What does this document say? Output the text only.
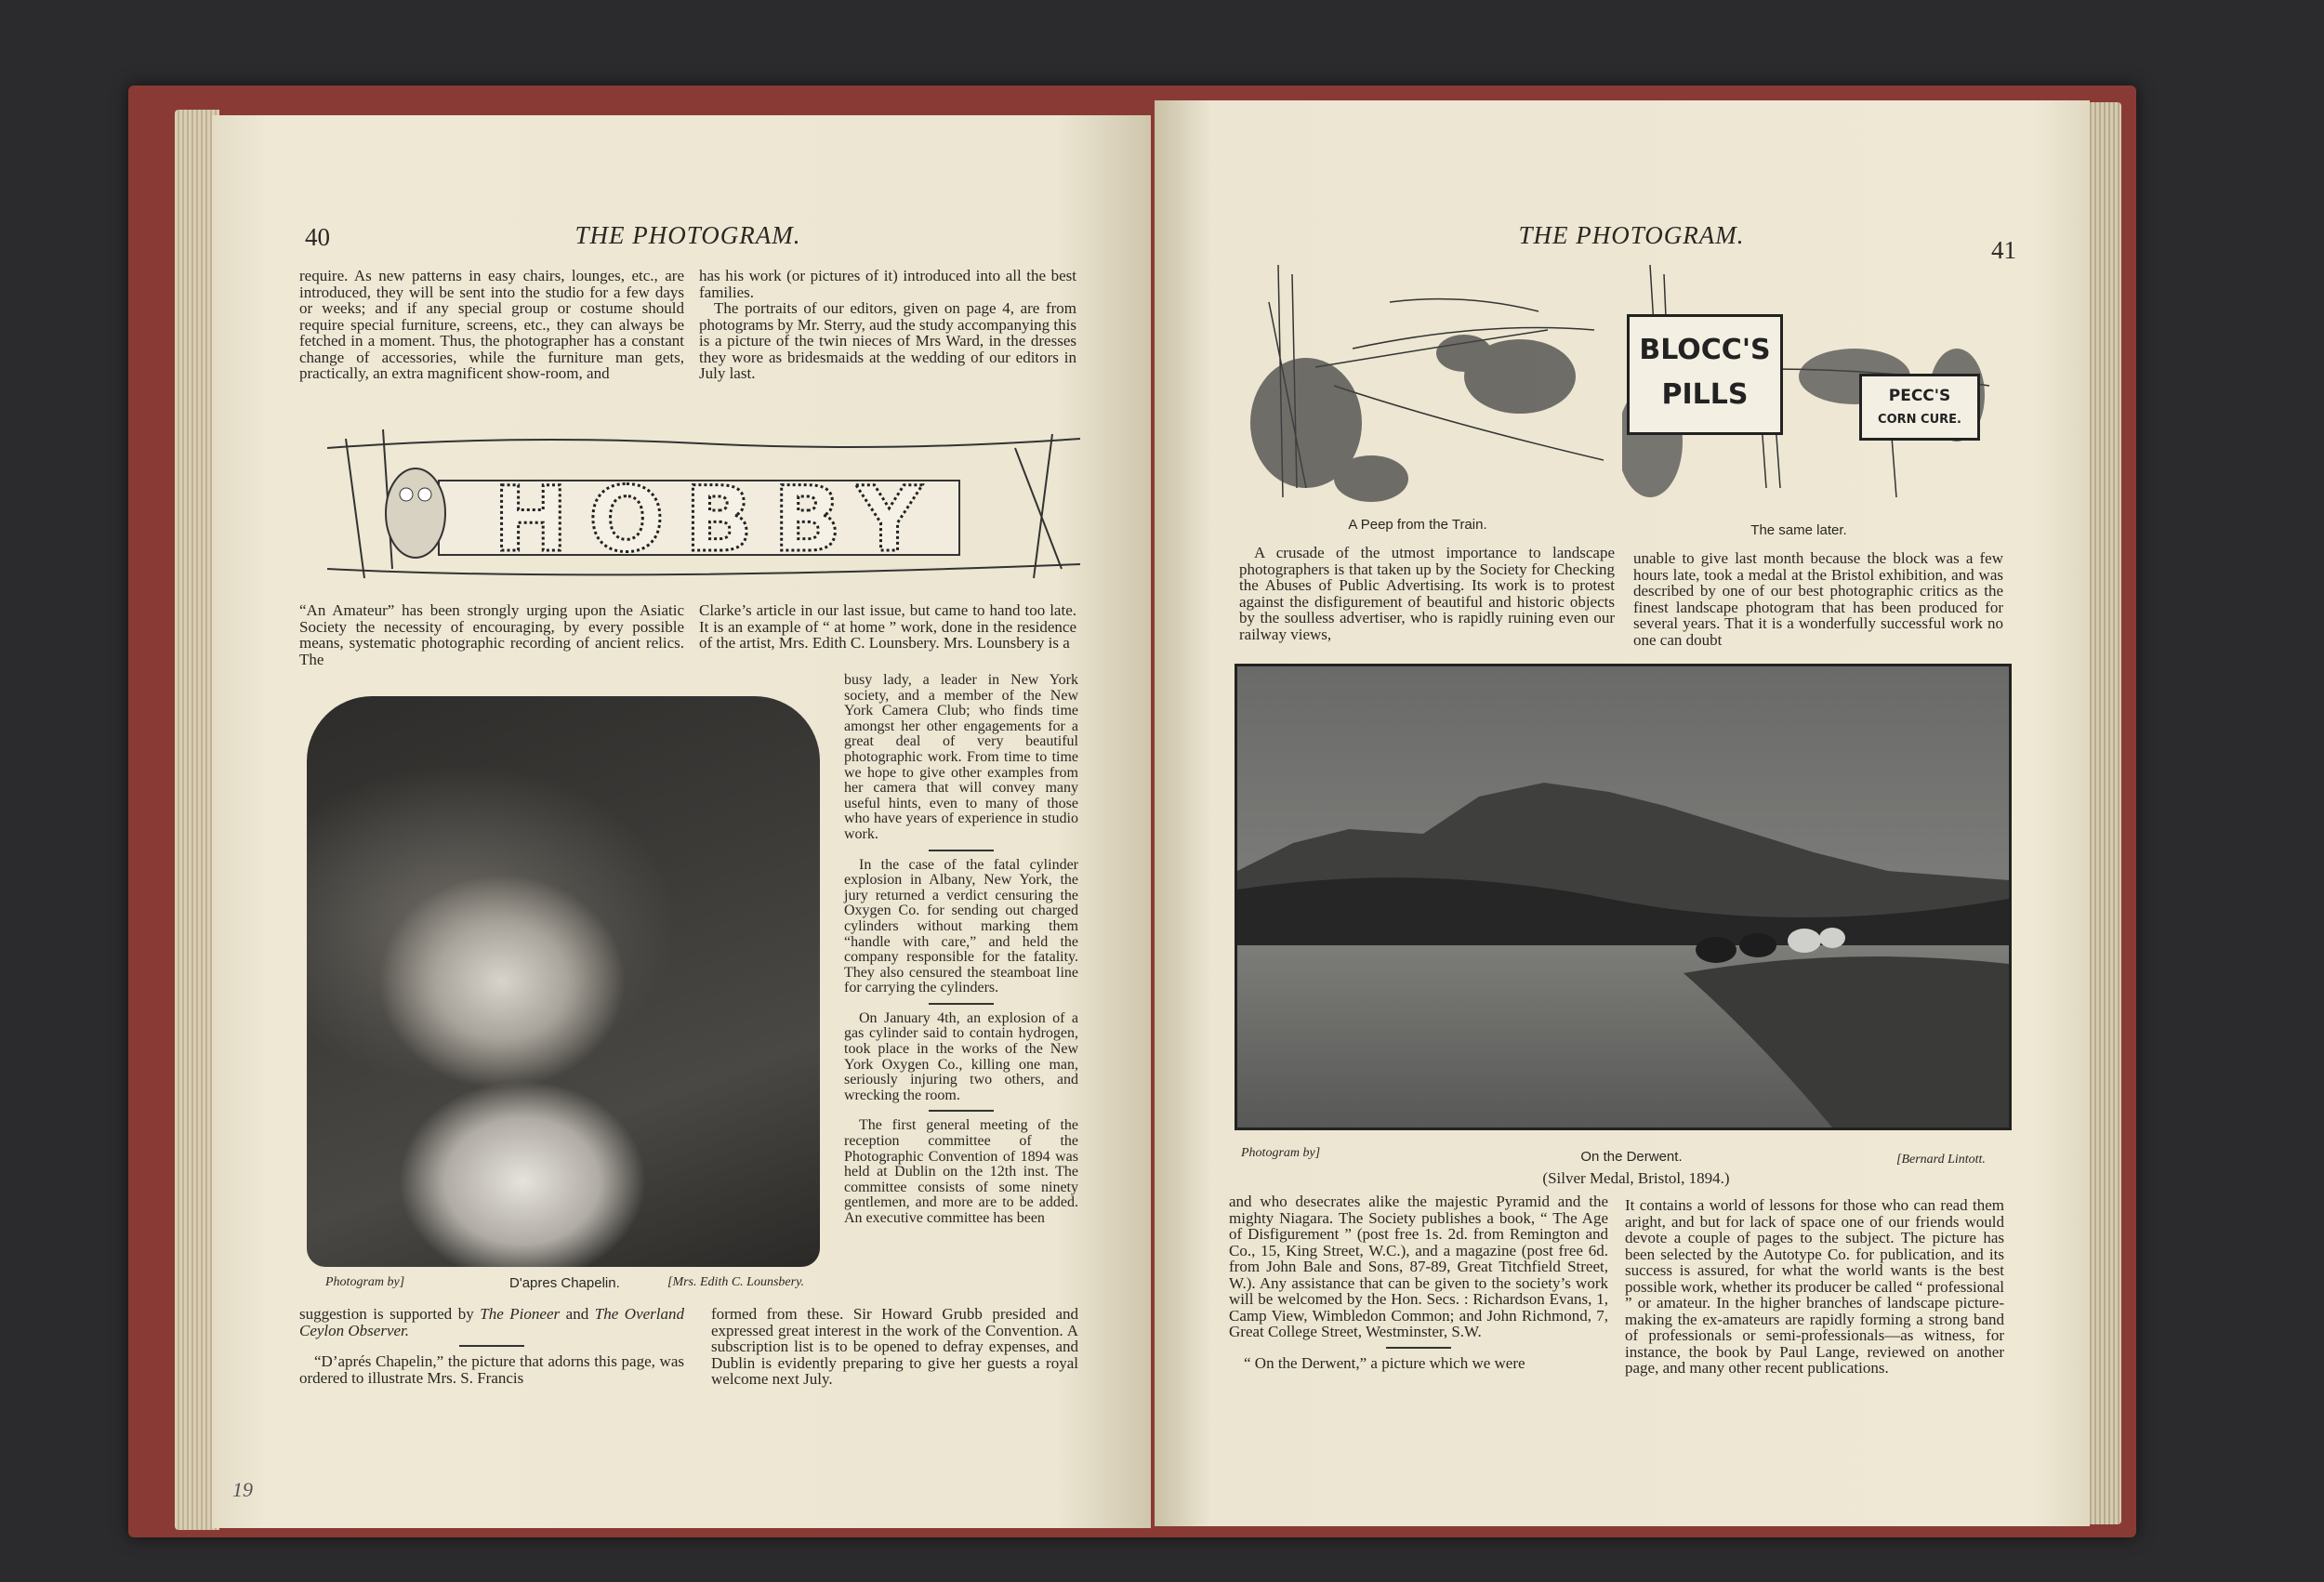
40	THE PHOTOGRAM.
require. As new patterns in easy chairs, lounges, etc., are introduced, they will be sent into the studio for a few days or weeks; and if any special group or costume should require special furniture, screens, etc., they can always be fetched in a moment. Thus, the photographer has a constant change of accessories, while the furniture man gets, practically, an extra magnificent show-room, and
has his work (or pictures of it) introduced into all the best families.

The portraits of our editors, given on page 4, are from photograms by Mr. Sterry, aud the study accompanying this is a picture of the twin nieces of Mrs Ward, in the dresses they wore as bridesmaids at the wedding of our editors in July last.

HOBBY
“An Amateur” has been strongly urging upon the Asiatic Society the necessity of encouraging, by every possible means, systematic photographic recording of ancient relics. The
Clarke’s article in our last issue, but came to hand too late. It is an example of “ at home ” work, done in the residence of the artist, Mrs. Edith C. Lounsbery. Mrs. Lounsbery is a
busy lady, a leader in New York society, and a member of the New York Camera Club; who finds time amongst her other engagements for a great deal of very beautiful photographic work. From time to time we hope to give other examples from her camera that will convey many useful hints, even to many of those who have years of experience in studio work.

In the case of the fatal cylinder explosion in Albany, New York, the jury returned a verdict censuring the Oxygen Co. for sending out charged cylinders without marking them “handle with care,” and held the company responsible for the fatality. They also censured the steamboat line for carrying the cylinders.

On January 4th, an explosion of a gas cylinder said to contain hydrogen, took place in the works of the New York Oxygen Co., killing one man, seriously injuring two others, and wrecking the room.

The first general meeting of the reception committee of the Photographic Convention of 1894 was held at Dublin on the 12th inst. The committee consists of some ninety gentlemen, and more are to be added. An executive committee has been

Photogram by]	D'apres Chapelin.	[Mrs. Edith C. Lounsbery.
suggestion is supported by The Pioneer and The Overland Ceylon Observer.

“D’aprés Chapelin,” the picture that adorns this page, was ordered to illustrate Mrs. S. Francis

formed from these. Sir Howard Grubb presided and expressed great interest in the work of the Convention. A subscription list is to be opened to defray expenses, and Dublin is evidently preparing to give her guests a royal welcome next July.
19
THE PHOTOGRAM.
41
BLOCC'S
PILLS	PECC'S
CORN CURE.
A Peep from the Train.	The same later.

A crusade of the utmost importance to landscape photographers is that taken up by the Society for Checking the Abuses of Public Advertising. Its work is to protest against the disfigurement of beautiful and historic objects by the soulless advertiser, who is rapidly ruining even our railway views,

unable to give last month because the block was a few hours late, took a medal at the Bristol exhibition, and was described by one of our best photographic critics as the finest landscape photogram that has been produced for several years. That it is a wonderfully successful work no one can doubt
Photogram by]	On the Derwent.	[Bernard Lintott.
(Silver Medal, Bristol, 1894.)
and who desecrates alike the majestic Pyramid and the mighty Niagara. The Society publishes a book, “ The Age of Disfigurement ” (post free 1s. 2d. from Remington and Co., 15, King Street, W.C.), and a magazine (post free 6d. from John Bale and Sons, 87-89, Great Titchfield Street, W.). Any assistance that can be given to the society’s work will be welcomed by the Hon. Secs. : Richardson Evans, 1, Camp View, Wimbledon Common; and John Richmond, 7, Great College Street, Westminster, S.W.

“ On the Derwent,” a picture which we were

It contains a world of lessons for those who can read them aright, and but for lack of space one of our friends would devote a couple of pages to the subject. The picture has been selected by the Autotype Co. for publication, and its success is assured, for what the world wants is the best possible work, whether its producer be called “ professional ” or amateur. In the higher branches of landscape picture-making the ex-amateurs are rapidly forming a strong band of professionals or semi-professionals—as witness, for instance, the book by Paul Lange, reviewed on another page, and many other recent publications.
